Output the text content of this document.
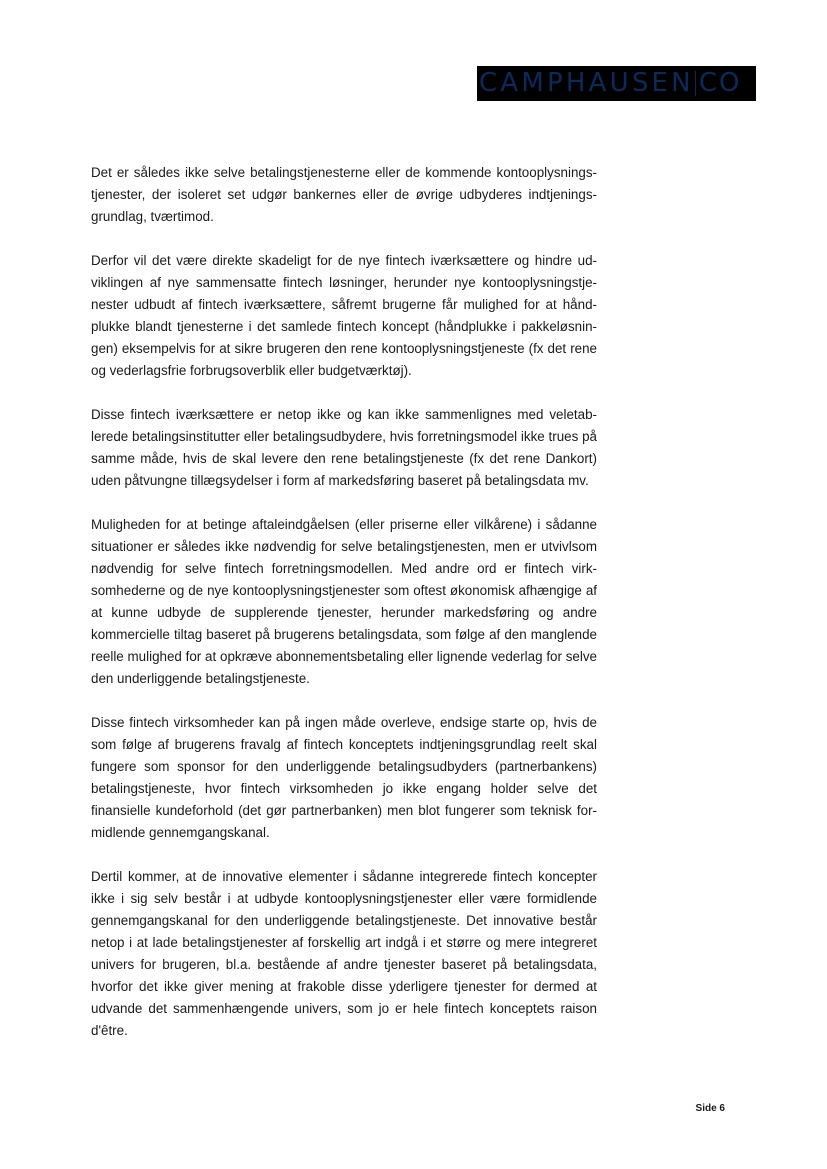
CAMPHAUSEN CO

Det er således ikke selve betalingstjenesterne eller de kommende kontooplysningstjenester, der isoleret set udgør bankernes eller de øvrige udbyderes indtjeningsgrundlag, tværtimod.

Derfor vil det være direkte skadeligt for de nye fintech iværksættere og hindre udviklingen af nye sammensatte fintech løsninger, herunder nye kontooplysningstjenester udbudt af fintech iværksættere, såfremt brugerne får mulighed for at håndplukke blandt tjenesterne i det samlede fintech koncept (håndplukke i pakkeløsningen) eksempelvis for at sikre brugeren den rene kontooplysningstjeneste (fx det rene og vederlagsfrie forbrugsoverblik eller budgetværktøj).

Disse fintech iværksættere er netop ikke og kan ikke sammenlignes med veletablerede betalingsinstitutter eller betalingsudbydere, hvis forretningsmodel ikke trues på samme måde, hvis de skal levere den rene betalingstjeneste (fx det rene Dankort) uden påtvungne tillægsydelser i form af markedsføring baseret på betalingsdata mv.

Muligheden for at betinge aftaleindgåelsen (eller priserne eller vilkårene) i sådanne situationer er således ikke nødvendig for selve betalingstjenesten, men er utvivlsom nødvendig for selve fintech forretningsmodellen. Med andre ord er fintech virksomhederne og de nye kontooplysningstjenester som oftest økonomisk afhængige af at kunne udbyde de supplerende tjenester, herunder markedsføring og andre kommercielle tiltag baseret på brugerens betalingsdata, som følge af den manglende reelle mulighed for at opkræve abonnementsbetaling eller lignende vederlag for selve den underliggende betalingstjeneste.

Disse fintech virksomheder kan på ingen måde overleve, endsige starte op, hvis de som følge af brugerens fravalg af fintech konceptets indtjeningsgrundlag reelt skal fungere som sponsor for den underliggende betalingsudbyders (partnerbankens) betalingstjeneste, hvor fintech virksomheden jo ikke engang holder selve det finansielle kundeforhold (det gør partnerbanken) men blot fungerer som teknisk formidlende gennemgangskanal.

Dertil kommer, at de innovative elementer i sådanne integrerede fintech koncepter ikke i sig selv består i at udbyde kontooplysningstjenester eller være formidlende gennemgangskanal for den underliggende betalingstjeneste. Det innovative består netop i at lade betalingstjenester af forskellig art indgå i et større og mere integreret univers for brugeren, bl.a. bestående af andre tjenester baseret på betalingsdata, hvorfor det ikke giver mening at frakoble disse yderligere tjenester for dermed at udvande det sammenhængende univers, som jo er hele fintech konceptets raison d'être.

Side 6
